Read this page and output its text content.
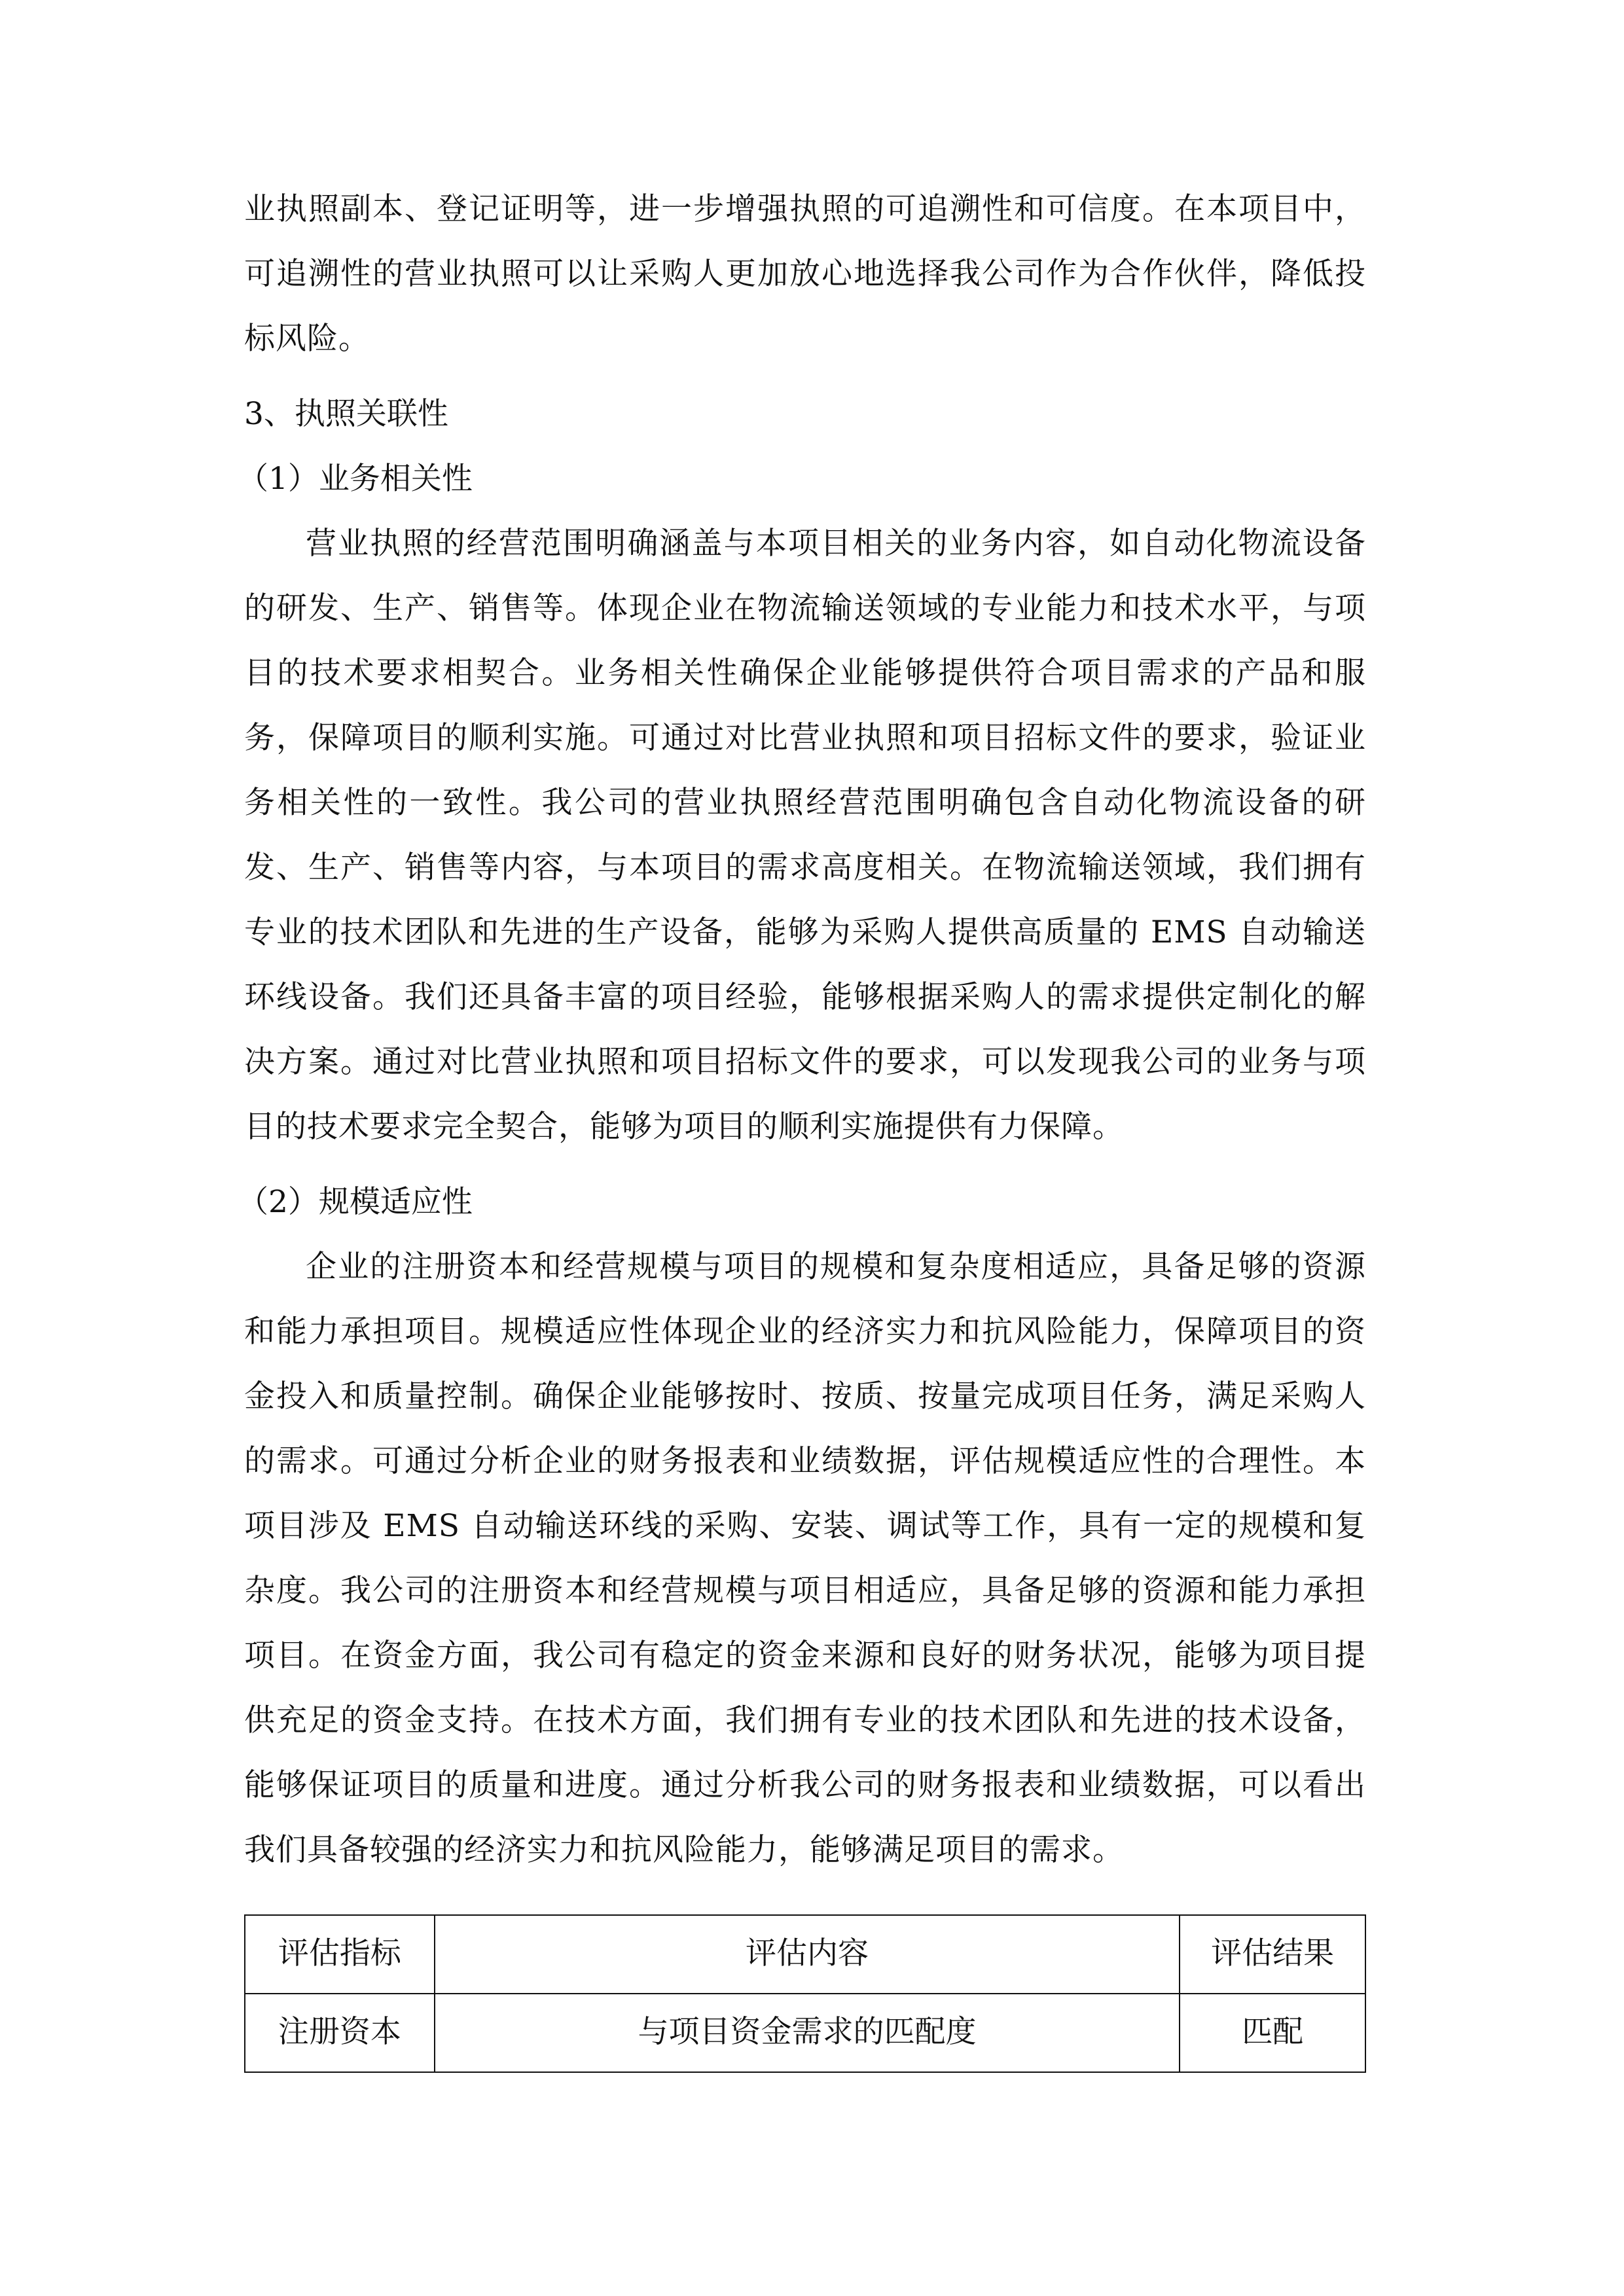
业执照副本、登记证明等，进一步增强执照的可追溯性和可信度。在本项目中，可追溯性的营业执照可以让采购人更加放心地选择我公司作为合作伙伴，降低投标风险。

3、执照关联性

（1）业务相关性

营业执照的经营范围明确涵盖与本项目相关的业务内容，如自动化物流设备的研发、生产、销售等。体现企业在物流输送领域的专业能力和技术水平，与项目的技术要求相契合。业务相关性确保企业能够提供符合项目需求的产品和服务，保障项目的顺利实施。可通过对比营业执照和项目招标文件的要求，验证业务相关性的一致性。我公司的营业执照经营范围明确包含自动化物流设备的研发、生产、销售等内容，与本项目的需求高度相关。在物流输送领域，我们拥有专业的技术团队和先进的生产设备，能够为采购人提供高质量的 EMS 自动输送环线设备。我们还具备丰富的项目经验，能够根据采购人的需求提供定制化的解决方案。通过对比营业执照和项目招标文件的要求，可以发现我公司的业务与项目的技术要求完全契合，能够为项目的顺利实施提供有力保障。

（2）规模适应性

企业的注册资本和经营规模与项目的规模和复杂度相适应，具备足够的资源和能力承担项目。规模适应性体现企业的经济实力和抗风险能力，保障项目的资金投入和质量控制。确保企业能够按时、按质、按量完成项目任务，满足采购人的需求。可通过分析企业的财务报表和业绩数据，评估规模适应性的合理性。本项目涉及 EMS 自动输送环线的采购、安装、调试等工作，具有一定的规模和复杂度。我公司的注册资本和经营规模与项目相适应，具备足够的资源和能力承担项目。在资金方面，我公司有稳定的资金来源和良好的财务状况，能够为项目提供充足的资金支持。在技术方面，我们拥有专业的技术团队和先进的技术设备，能够保证项目的质量和进度。通过分析我公司的财务报表和业绩数据，可以看出我们具备较强的经济实力和抗风险能力，能够满足项目的需求。

评估指标	评估内容	评估结果
注册资本	与项目资金需求的匹配度	匹配
